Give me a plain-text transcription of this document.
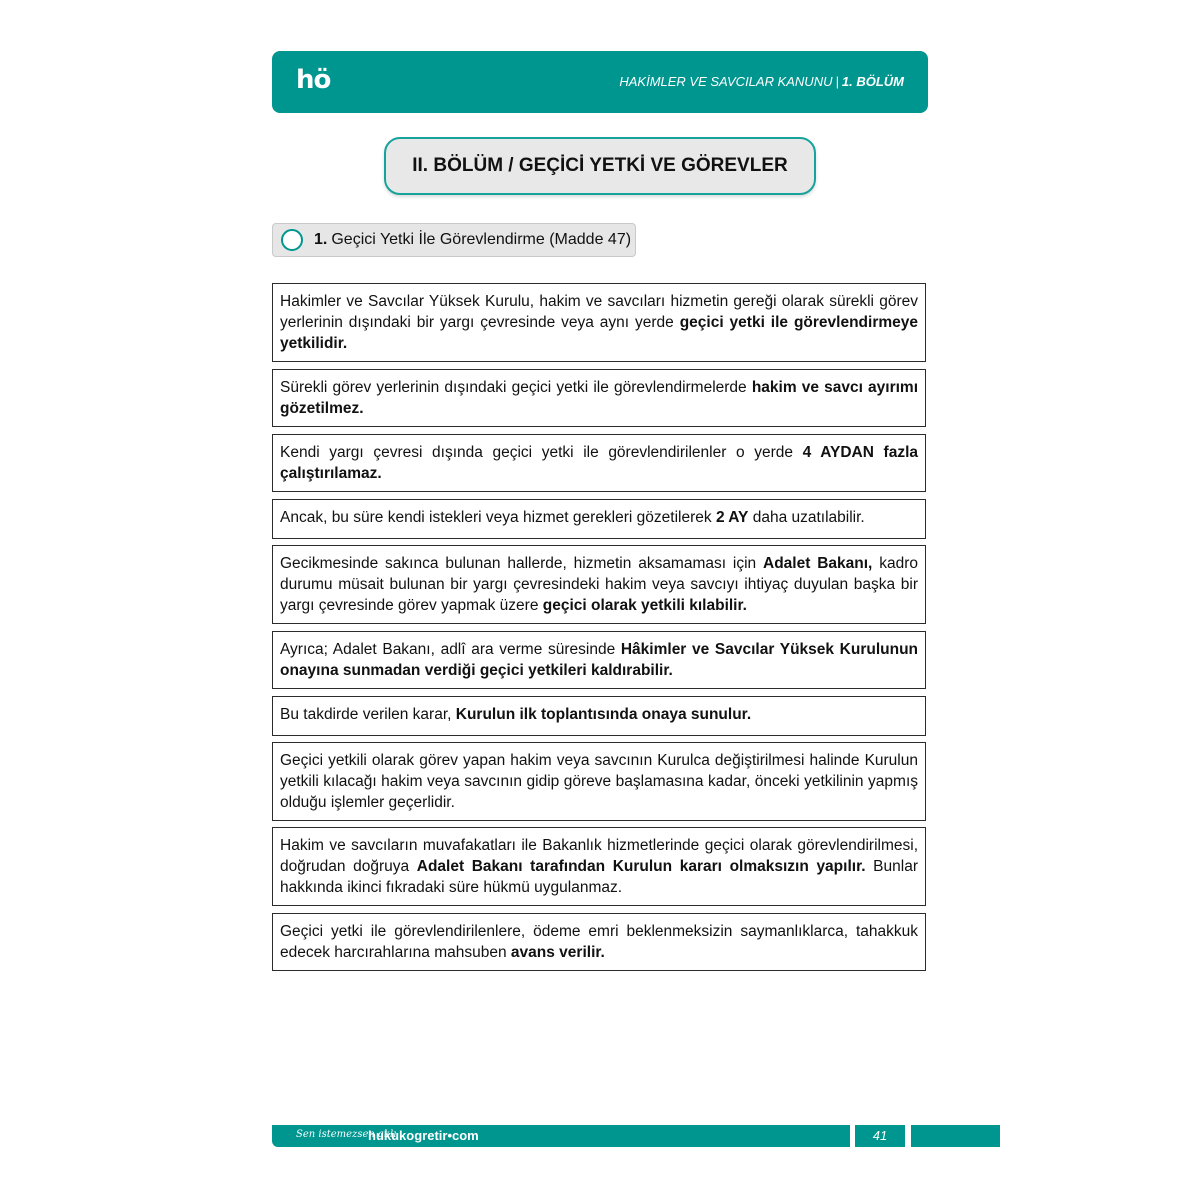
hö	HAKİMLER VE SAVCILAR KANUNU | 1. BÖLÜM
II. BÖLÜM / GEÇİCİ YETKİ VE GÖREVLER
1. Geçici Yetki İle Görevlendirme (Madde 47)
Hakimler ve Savcılar Yüksek Kurulu, hakim ve savcıları hizmetin gereği olarak sürekli görev yerlerinin dışındaki bir yargı çevresinde veya aynı yerde geçici yetki ile görevlendirmeye yetkilidir.
Sürekli görev yerlerinin dışındaki geçici yetki ile görevlendirmelerde hakim ve savcı ayırımı gözetilmez.
Kendi yargı çevresi dışında geçici yetki ile görevlendirilenler o yerde 4 AYDAN fazla çalıştırılamaz.
Ancak, bu süre kendi istekleri veya hizmet gerekleri gözetilerek 2 AY daha uzatılabilir.
Gecikmesinde sakınca bulunan hallerde, hizmetin aksamaması için Adalet Bakanı, kadro durumu müsait bulunan bir yargı çevresindeki hakim veya savcıyı ihtiyaç duyulan başka bir yargı çevresinde görev yapmak üzere geçici olarak yetkili kılabilir.
Ayrıca; Adalet Bakanı, adlî ara verme süresinde Hâkimler ve Savcılar Yüksek Kurulunun onayına sunmadan verdiği geçici yetkileri kaldırabilir.
Bu takdirde verilen karar, Kurulun ilk toplantısında onaya sunulur.
Geçici yetkili olarak görev yapan hakim veya savcının Kurulca değiştirilmesi halinde Kurulun yetkili kılacağı hakim veya savcının gidip göreve başlamasına kadar, önceki yetkilinin yapmış olduğu işlemler geçerlidir.
Hakim ve savcıların muvafakatları ile Bakanlık hizmetlerinde geçici olarak görevlendirilmesi, doğrudan doğruya Adalet Bakanı tarafından Kurulun kararı olmaksızın yapılır. Bunlar hakkında ikinci fıkradaki süre hükmü uygulanmaz.
Geçici yetki ile görevlendirilenlere, ödeme emri beklenmeksizin saymanlıklarca, tahakkuk edecek harcırahlarına mahsuben avans verilir.
Sen istemezsen aklı
hukukogretir•com	41
